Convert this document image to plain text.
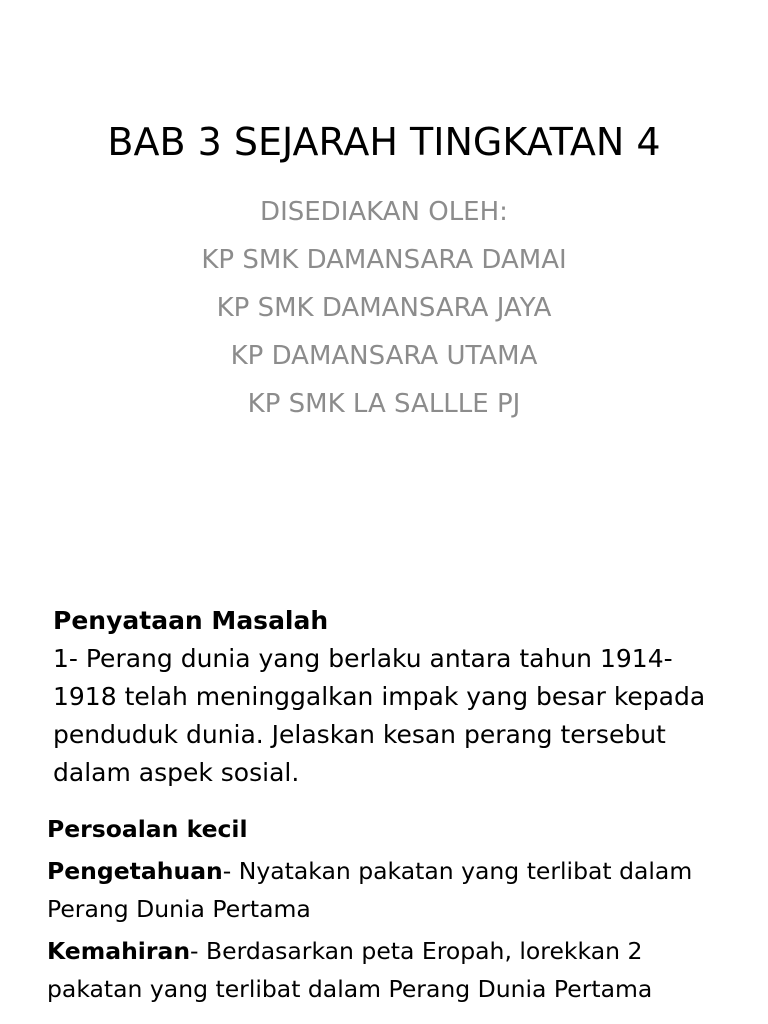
BAB 3 SEJARAH TINGKATAN 4
DISEDIAKAN OLEH:
KP SMK DAMANSARA DAMAI
KP SMK DAMANSARA JAYA
KP DAMANSARA UTAMA
KP SMK LA SALLLE PJ
Penyataan Masalah
1- Perang dunia yang berlaku antara tahun 1914-
1918 telah meninggalkan impak yang besar kepada
penduduk dunia. Jelaskan kesan perang tersebut
dalam aspek sosial.
Persoalan kecil
Pengetahuan- Nyatakan pakatan yang terlibat dalam
Perang Dunia Pertama
Kemahiran- Berdasarkan peta Eropah, lorekkan 2
pakatan yang terlibat dalam Perang Dunia Pertama
